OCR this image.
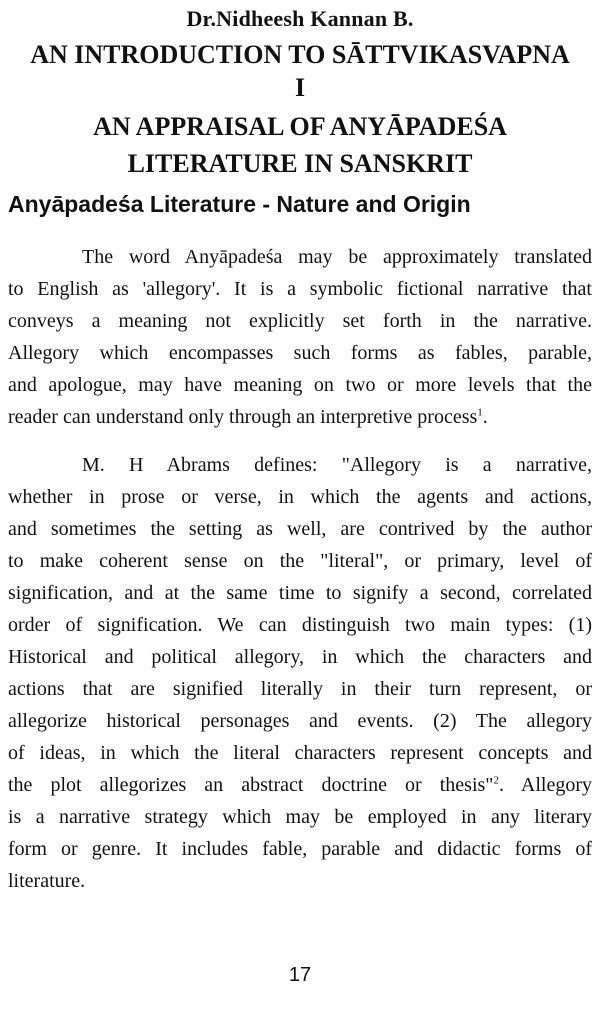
Dr.Nidheesh Kannan B.
AN INTRODUCTION TO SĀTTVIKASVAPNA
I
AN APPRAISAL OF ANYĀPADEŚA
LITERATURE IN SANSKRIT
Anyāpadeśa Literature - Nature and Origin
The word Anyāpadeśa may be approximately translated
to English as 'allegory'. It is a symbolic fictional narrative that
conveys a meaning not explicitly set forth in the narrative.
Allegory which encompasses such forms as fables, parable,
and apologue, may have meaning on two or more levels that the
reader can understand only through an interpretive process$^1$.
M. H Abrams defines: "Allegory is a narrative,
whether in prose or verse, in which the agents and actions,
and sometimes the setting as well, are contrived by the author
to make coherent sense on the "literal", or primary, level of
signification, and at the same time to signify a second, correlated
order of signification. We can distinguish two main types: (1)
Historical and political allegory, in which the characters and
actions that are signified literally in their turn represent, or
allegorize historical personages and events. (2) The allegory
of ideas, in which the literal characters represent concepts and
the plot allegorizes an abstract doctrine or thesis"$^2$. Allegory
is a narrative strategy which may be employed in any literary
form or genre. It includes fable, parable and didactic forms of
literature.
17
